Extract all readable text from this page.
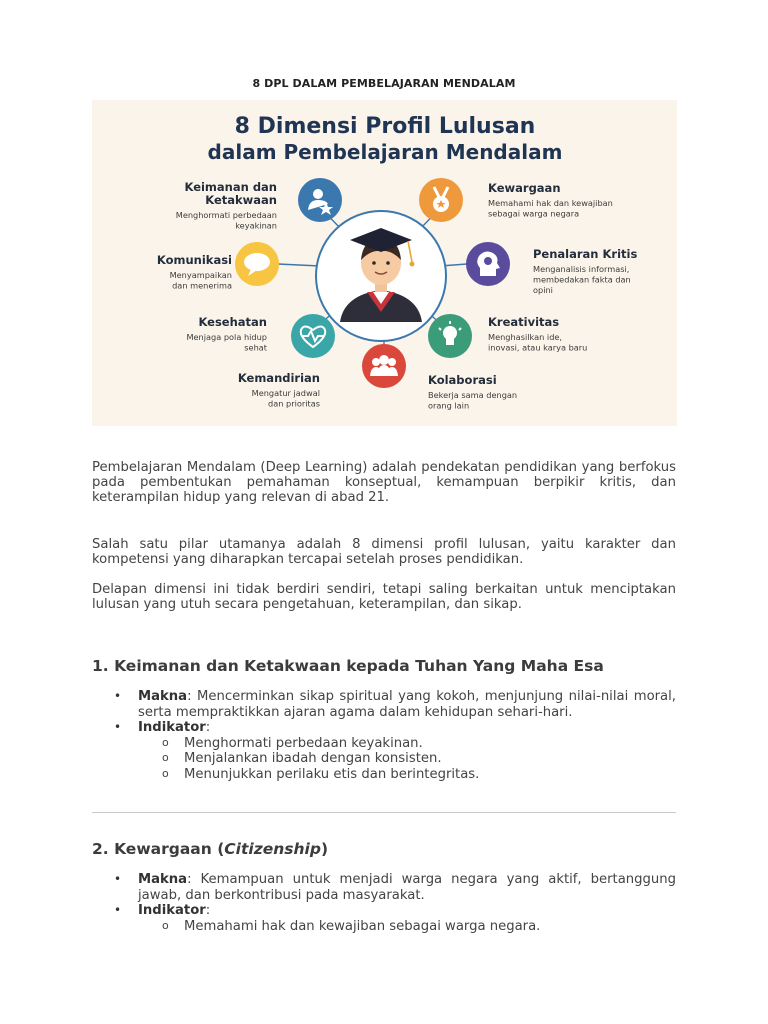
8 DPL DALAM PEMBELAJARAN MENDALAM
8 Dimensi Profil Lulusan
dalam Pembelajaran Mendalam
Keimanan dan
Ketakwaan
Menghormati perbedaan
keyakinan
Kewargaan
Memahami hak dan kewajiban
sebagai warga negara
Komunikasi
Menyampaikan
dan menerima
Penalaran Kritis
Menganalisis informasi,
membedakan fakta dan
opini
Kesehatan
Menjaga pola hidup
sehat
Kreativitas
Menghasilkan ide,
inovasi, atau karya baru
Kemandirian
Mengatur jadwal
dan prioritas
Kolaborasi
Bekerja sama dengan
orang lain
Pembelajaran Mendalam (Deep Learning) adalah pendekatan pendidikan yang berfokus pada pembentukan pemahaman konseptual, kemampuan berpikir kritis, dan keterampilan hidup yang relevan di abad 21.
Salah satu pilar utamanya adalah 8 dimensi profil lulusan, yaitu karakter dan kompetensi yang diharapkan tercapai setelah proses pendidikan.
Delapan dimensi ini tidak berdiri sendiri, tetapi saling berkaitan untuk menciptakan lulusan yang utuh secara pengetahuan, keterampilan, dan sikap.
1. Keimanan dan Ketakwaan kepada Tuhan Yang Maha Esa
• Makna: Mencerminkan sikap spiritual yang kokoh, menjunjung nilai-nilai moral, serta mempraktikkan ajaran agama dalam kehidupan sehari-hari.
• Indikator:
o Menghormati perbedaan keyakinan.
o Menjalankan ibadah dengan konsisten.
o Menunjukkan perilaku etis dan berintegritas.
2. Kewargaan (Citizenship)
• Makna: Kemampuan untuk menjadi warga negara yang aktif, bertanggung jawab, dan berkontribusi pada masyarakat.
• Indikator:
o Memahami hak dan kewajiban sebagai warga negara.
